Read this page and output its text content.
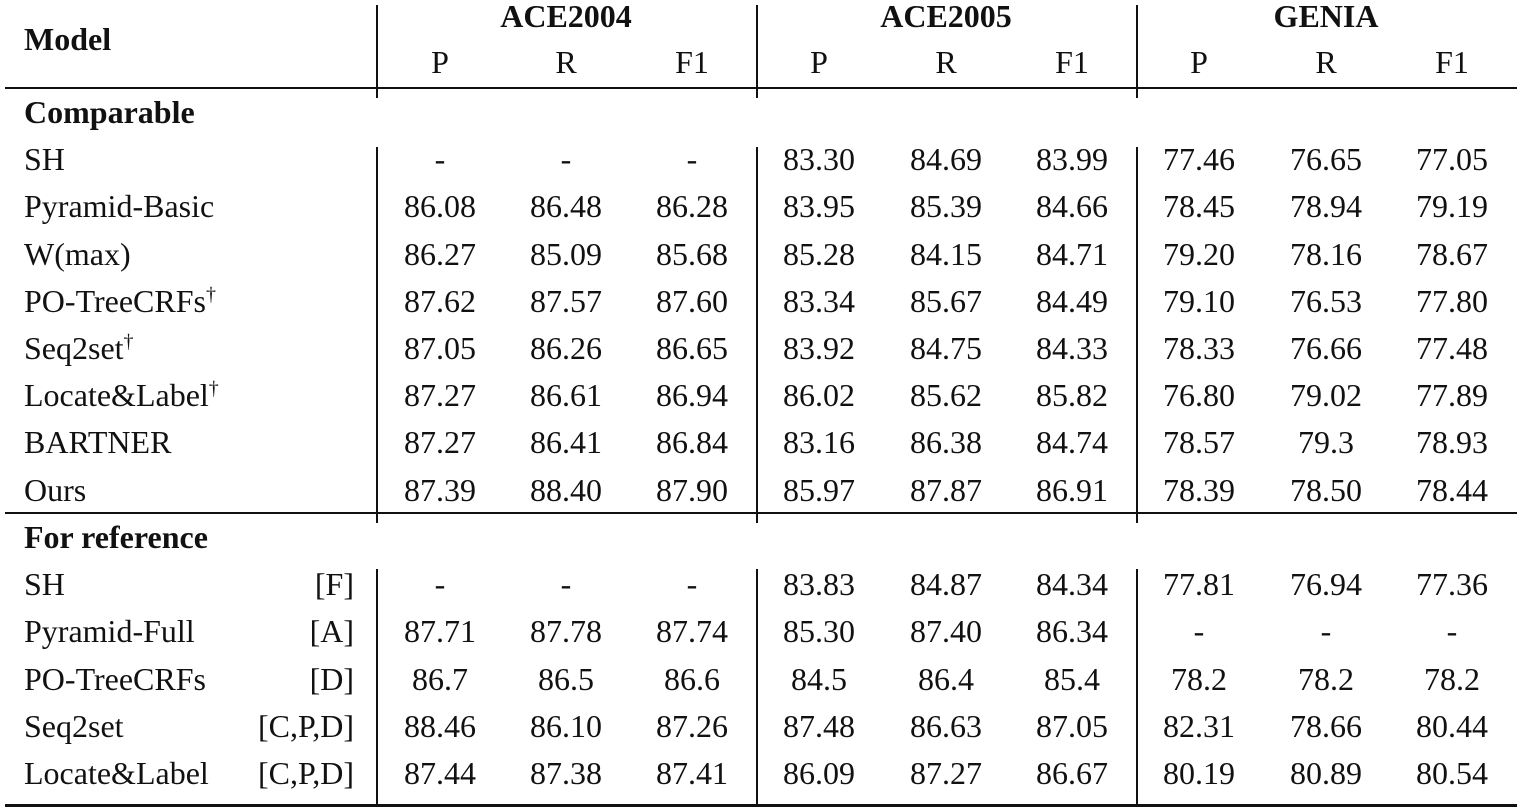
Model
ACE2004	ACE2005	GENIA
P	R	F1	P	R	F1	P	R	F1
Comparable
SH	-	-	-	83.30 84.69 83.99 77.46 76.65 77.05
Pyramid-Basic	86.08 86.48 86.28 83.95 85.39 84.66 78.45 78.94 79.19
W(max)	86.27 85.09 85.68 85.28 84.15 84.71 79.20 78.16 78.67
PO-TreeCRFs†	87.62 87.57 87.60 83.34 85.67 84.49 79.10 76.53 77.80
Seq2set†	87.05 86.26 86.65 83.92 84.75 84.33 78.33 76.66 77.48
Locate&Label†	87.27 86.61 86.94 86.02 85.62 85.82 76.80 79.02 77.89
BARTNER	87.27 86.41 86.84 83.16 86.38 84.74 78.57 79.3 78.93
Ours	87.39 88.40 87.90 85.97 87.87 86.91 78.39 78.50 78.44
For reference
SH	[F]	-	-	-	83.83 84.87 84.34 77.81 76.94 77.36
Pyramid-Full	[A] 87.71 87.78 87.74 85.30 87.40 86.34	-	-	-
PO-TreeCRFs	[D] 86.7 86.5 86.6 84.5 86.4 85.4 78.2 78.2 78.2
Seq2set	[C,P,D] 88.46 86.10 87.26 87.48 86.63 87.05 82.31 78.66 80.44
Locate&Label [C,P,D] 87.44 87.38 87.41 86.09 87.27 86.67 80.19 80.89 80.54
